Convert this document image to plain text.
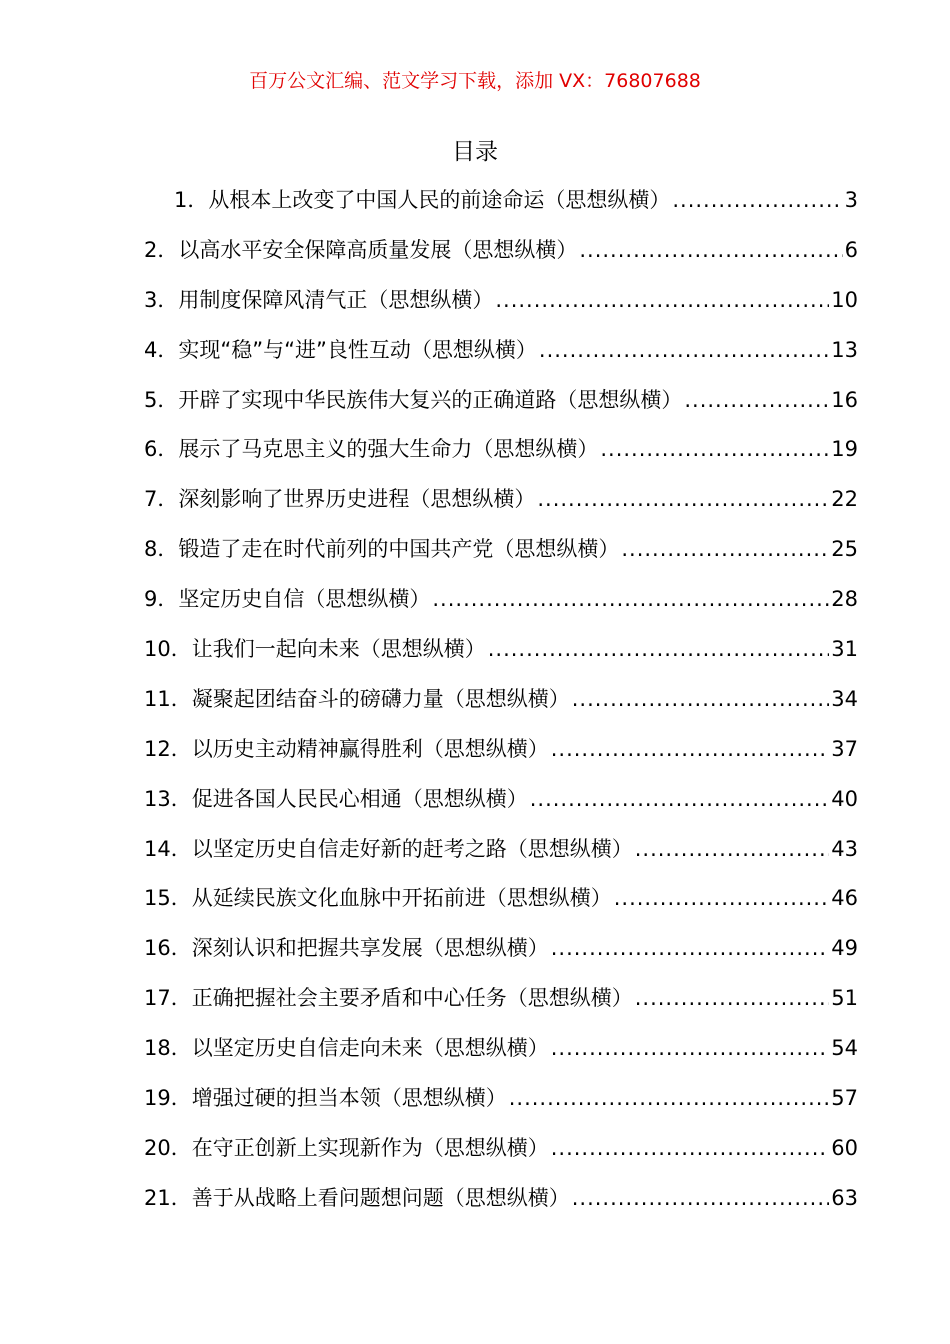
百万公文汇编、范文学习下载，添加 VX：76807688
目录
1．从根本上改变了中国人民的前途命运（思想纵横） .....	3
2．以高水平安全保障高质量发展（思想纵横） .....	6
3．用制度保障风清气正（思想纵横） .....	10
4．实现“稳”与“进”良性互动（思想纵横） .....	13
5．开辟了实现中华民族伟大复兴的正确道路（思想纵横） .....	16
6．展示了马克思主义的强大生命力（思想纵横） .....	19
7．深刻影响了世界历史进程（思想纵横） .....	22
8．锻造了走在时代前列的中国共产党（思想纵横） .....	25
9．坚定历史自信（思想纵横） .....	28
10．让我们一起向未来（思想纵横） .....	31
11．凝聚起团结奋斗的磅礴力量（思想纵横） .....	34
12．以历史主动精神赢得胜利（思想纵横） .....	37
13．促进各国人民民心相通（思想纵横） .....	40
14．以坚定历史自信走好新的赶考之路（思想纵横） .....	43
15．从延续民族文化血脉中开拓前进（思想纵横） .....	46
16．深刻认识和把握共享发展（思想纵横） .....	49
17．正确把握社会主要矛盾和中心任务（思想纵横） .....	51
18．以坚定历史自信走向未来（思想纵横） .....	54
19．增强过硬的担当本领（思想纵横） .....	57
20．在守正创新上实现新作为（思想纵横） .....	60
21．善于从战略上看问题想问题（思想纵横） .....	63
